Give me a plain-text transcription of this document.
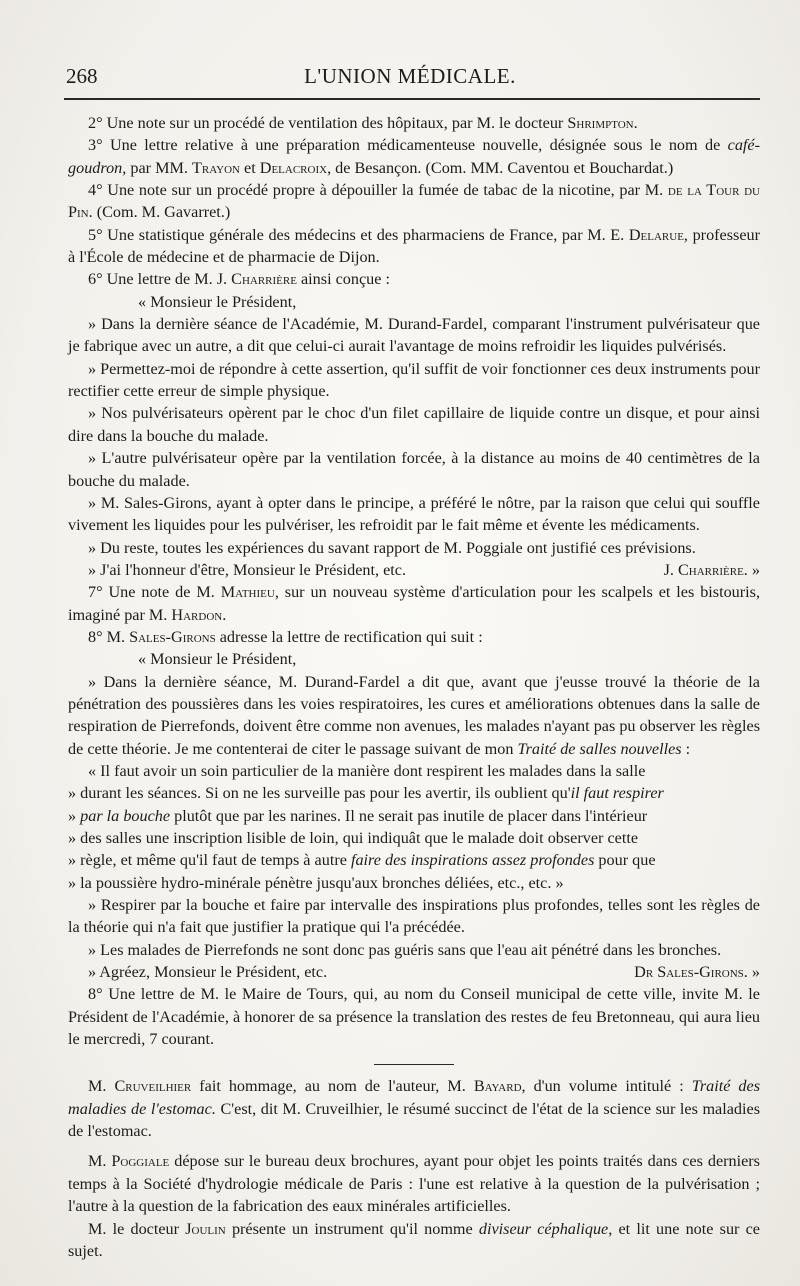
268	L'UNION MÉDICALE.

2° Une note sur un procédé de ventilation des hôpitaux, par M. le docteur Shrimpton.

3° Une lettre relative à une préparation médicamenteuse nouvelle, désignée sous le nom de café-goudron, par MM. Trayon et Delacroix, de Besançon. (Com. MM. Caventou et Bouchardat.)

4° Une note sur un procédé propre à dépouiller la fumée de tabac de la nicotine, par M. de la Tour du Pin. (Com. M. Gavarret.)

5° Une statistique générale des médecins et des pharmaciens de France, par M. E. Delarue, professeur à l'École de médecine et de pharmacie de Dijon.

6° Une lettre de M. J. Charrière ainsi conçue :

« Monsieur le Président,

» Dans la dernière séance de l'Académie, M. Durand-Fardel, comparant l'instrument pulvérisateur que je fabrique avec un autre, a dit que celui-ci aurait l'avantage de moins refroidir les liquides pulvérisés.

» Permettez-moi de répondre à cette assertion, qu'il suffit de voir fonctionner ces deux instruments pour rectifier cette erreur de simple physique.

» Nos pulvérisateurs opèrent par le choc d'un filet capillaire de liquide contre un disque, et pour ainsi dire dans la bouche du malade.

» L'autre pulvérisateur opère par la ventilation forcée, à la distance au moins de 40 centimètres de la bouche du malade.

» M. Sales-Girons, ayant à opter dans le principe, a préféré le nôtre, par la raison que celui qui souffle vivement les liquides pour les pulvériser, les refroidit par le fait même et évente les médicaments.

» Du reste, toutes les expériences du savant rapport de M. Poggiale ont justifié ces prévisions.

» J'ai l'honneur d'être, Monsieur le Président, etc.	J. Charrière. »

7° Une note de M. Mathieu, sur un nouveau système d'articulation pour les scalpels et les bistouris, imaginé par M. Hardon.

8° M. Sales-Girons adresse la lettre de rectification qui suit :

« Monsieur le Président,

» Dans la dernière séance, M. Durand-Fardel a dit que, avant que j'eusse trouvé la théorie de la pénétration des poussières dans les voies respiratoires, les cures et améliorations obtenues dans la salle de respiration de Pierrefonds, doivent être comme non avenues, les malades n'ayant pas pu observer les règles de cette théorie. Je me contenterai de citer le passage suivant de mon Traité de salles nouvelles :

« Il faut avoir un soin particulier de la manière dont respirent les malades dans la salle

» durant les séances. Si on ne les surveille pas pour les avertir, ils oublient qu'il faut respirer

» par la bouche plutôt que par les narines. Il ne serait pas inutile de placer dans l'intérieur

» des salles une inscription lisible de loin, qui indiquât que le malade doit observer cette

» règle, et même qu'il faut de temps à autre faire des inspirations assez profondes pour que

» la poussière hydro-minérale pénètre jusqu'aux bronches déliées, etc., etc. »

» Respirer par la bouche et faire par intervalle des inspirations plus profondes, telles sont les règles de la théorie qui n'a fait que justifier la pratique qui l'a précédée.

» Les malades de Pierrefonds ne sont donc pas guéris sans que l'eau ait pénétré dans les bronches.

» Agréez, Monsieur le Président, etc.	Dr Sales-Girons. »

8° Une lettre de M. le Maire de Tours, qui, au nom du Conseil municipal de cette ville, invite M. le Président de l'Académie, à honorer de sa présence la translation des restes de feu Bretonneau, qui aura lieu le mercredi, 7 courant.

M. Cruveilhier fait hommage, au nom de l'auteur, M. Bayard, d'un volume intitulé : Traité des maladies de l'estomac. C'est, dit M. Cruveilhier, le résumé succinct de l'état de la science sur les maladies de l'estomac.

M. Poggiale dépose sur le bureau deux brochures, ayant pour objet les points traités dans ces derniers temps à la Société d'hydrologie médicale de Paris : l'une est relative à la question de la pulvérisation ; l'autre à la question de la fabrication des eaux minérales artificielles.

M. le docteur Joulin présente un instrument qu'il nomme diviseur céphalique, et lit une note sur ce sujet.
